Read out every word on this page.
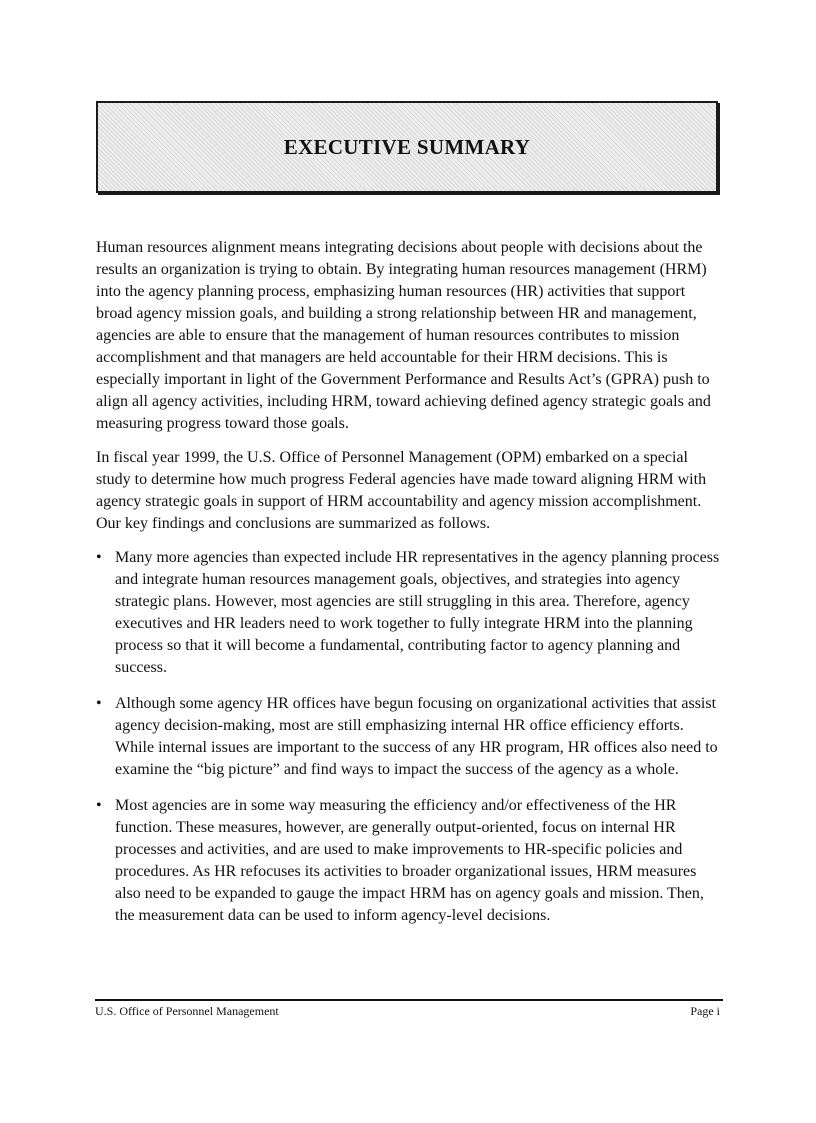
EXECUTIVE SUMMARY

Human resources alignment means integrating decisions about people with decisions about the results an organization is trying to obtain. By integrating human resources management (HRM) into the agency planning process, emphasizing human resources (HR) activities that support broad agency mission goals, and building a strong relationship between HR and management, agencies are able to ensure that the management of human resources contributes to mission accomplishment and that managers are held accountable for their HRM decisions. This is especially important in light of the Government Performance and Results Act’s (GPRA) push to align all agency activities, including HRM, toward achieving defined agency strategic goals and measuring progress toward those goals.

In fiscal year 1999, the U.S. Office of Personnel Management (OPM) embarked on a special study to determine how much progress Federal agencies have made toward aligning HRM with agency strategic goals in support of HRM accountability and agency mission accomplishment. Our key findings and conclusions are summarized as follows.

• Many more agencies than expected include HR representatives in the agency planning process and integrate human resources management goals, objectives, and strategies into agency strategic plans. However, most agencies are still struggling in this area. Therefore, agency executives and HR leaders need to work together to fully integrate HRM into the planning process so that it will become a fundamental, contributing factor to agency planning and success.
• Although some agency HR offices have begun focusing on organizational activities that assist agency decision-making, most are still emphasizing internal HR office efficiency efforts. While internal issues are important to the success of any HR program, HR offices also need to examine the “big picture” and find ways to impact the success of the agency as a whole.
• Most agencies are in some way measuring the efficiency and/or effectiveness of the HR function. These measures, however, are generally output-oriented, focus on internal HR processes and activities, and are used to make improvements to HR-specific policies and procedures. As HR refocuses its activities to broader organizational issues, HRM measures also need to be expanded to gauge the impact HRM has on agency goals and mission. Then, the measurement data can be used to inform agency-level decisions.
U.S. Office of Personnel Management	Page i
